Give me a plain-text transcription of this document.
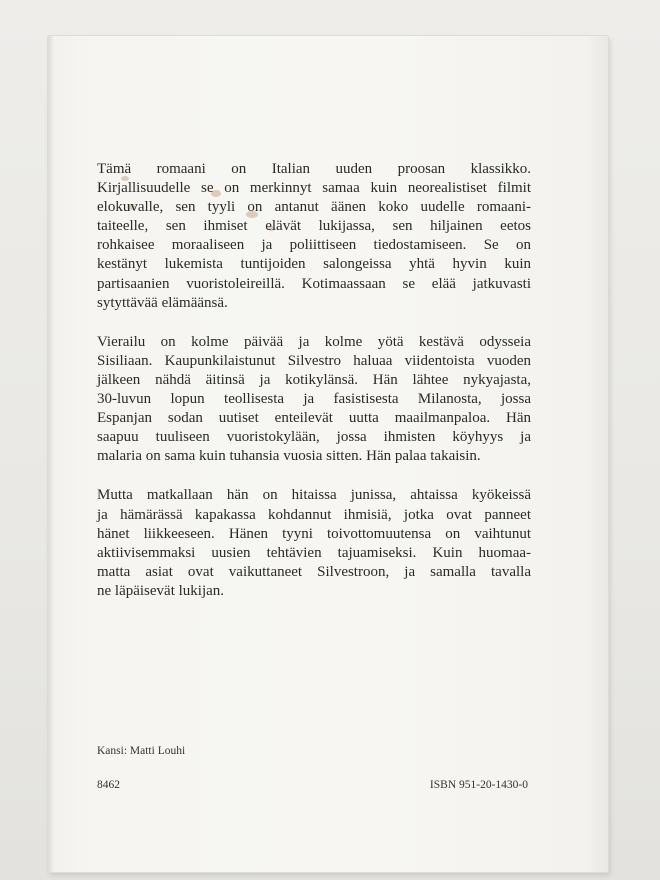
Tämä romaani on Italian uuden proosan klassikko.
Kirjallisuudelle se on merkinnyt samaa kuin neorealistiset filmit
elokuvalle, sen tyyli on antanut äänen koko uudelle romaani-
taiteelle, sen ihmiset elävät lukijassa, sen hiljainen eetos
rohkaisee moraaliseen ja poliittiseen tiedostamiseen. Se on
kestänyt lukemista tuntijoiden salongeissa yhtä hyvin kuin
partisaanien vuoristoleireillä. Kotimaassaan se elää jatkuvasti
sytyttävää elämäänsä.

Vierailu on kolme päivää ja kolme yötä kestävä odysseia
Sisiliaan. Kaupunkilaistunut Silvestro haluaa viidentoista vuoden
jälkeen nähdä äitinsä ja kotikylänsä. Hän lähtee nykyajasta,
30-luvun lopun teollisesta ja fasistisesta Milanosta, jossa
Espanjan sodan uutiset enteilevät uutta maailmanpaloa. Hän
saapuu tuuliseen vuoristokylään, jossa ihmisten köyhyys ja
malaria on sama kuin tuhansia vuosia sitten. Hän palaa takaisin.

Mutta matkallaan hän on hitaissa junissa, ahtaissa kyökeissä
ja hämärässä kapakassa kohdannut ihmisiä, jotka ovat panneet
hänet liikkeeseen. Hänen tyyni toivottomuutensa on vaihtunut
aktiivisemmaksi uusien tehtävien tajuamiseksi. Kuin huomaa-
matta asiat ovat vaikuttaneet Silvestroon, ja samalla tavalla
ne läpäisevät lukijan.

Kansi: Matti Louhi
8462	ISBN 951-20-1430-0
